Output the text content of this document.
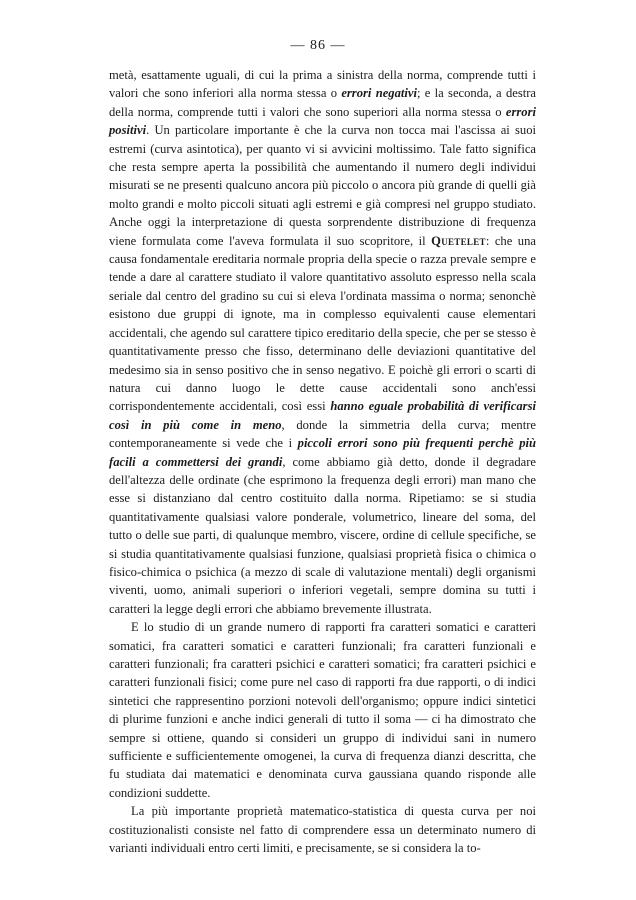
— 86 —

metà, esattamente uguali, di cui la prima a sinistra della norma, comprende tutti i valori che sono inferiori alla norma stessa o errori negativi; e la seconda, a destra della norma, comprende tutti i valori che sono superiori alla norma stessa o errori positivi. Un particolare importante è che la curva non tocca mai l'ascissa ai suoi estremi (curva asintotica), per quanto vi si avvicini moltissimo. Tale fatto significa che resta sempre aperta la possibilità che aumentando il numero degli individui misurati se ne presenti qualcuno ancora più piccolo o ancora più grande di quelli già molto grandi e molto piccoli situati agli estremi e già compresi nel gruppo studiato. Anche oggi la interpretazione di questa sorprendente distribuzione di frequenza viene formulata come l'aveva formulata il suo scopritore, il Quetelet: che una causa fondamentale ereditaria normale propria della specie o razza prevale sempre e tende a dare al carattere studiato il valore quantitativo assoluto espresso nella scala seriale dal centro del gradino su cui si eleva l'ordinata massima o norma; senonchè esistono due gruppi di ignote, ma in complesso equivalenti cause elementari accidentali, che agendo sul carattere tipico ereditario della specie, che per se stesso è quantitativamente presso che fisso, determinano delle deviazioni quantitative del medesimo sia in senso positivo che in senso negativo. E poichè gli errori o scarti di natura cui danno luogo le dette cause accidentali sono anch'essi corrispondentemente accidentali, così essi hanno eguale probabilità di verificarsi così in più come in meno, donde la simmetria della curva; mentre contemporaneamente si vede che i piccoli errori sono più frequenti perchè più facili a commettersi dei grandi, come abbiamo già detto, donde il degradare dell'altezza delle ordinate (che esprimono la frequenza degli errori) man mano che esse si distanziano dal centro costituito dalla norma. Ripetiamo: se si studia quantitativamente qualsiasi valore ponderale, volumetrico, lineare del soma, del tutto o delle sue parti, di qualunque membro, viscere, ordine di cellule specifiche, se si studia quantitativamente qualsiasi funzione, qualsiasi proprietà fisica o chimica o fisico-chimica o psichica (a mezzo di scale di valutazione mentali) degli organismi viventi, uomo, animali superiori o inferiori vegetali, sempre domina su tutti i caratteri la legge degli errori che abbiamo brevemente illustrata.

E lo studio di un grande numero di rapporti fra caratteri somatici e caratteri somatici, fra caratteri somatici e caratteri funzionali; fra caratteri funzionali e caratteri funzionali; fra caratteri psichici e caratteri somatici; fra caratteri psichici e caratteri funzionali fisici; come pure nel caso di rapporti fra due rapporti, o di indici sintetici che rappresentino porzioni notevoli dell'organismo; oppure indici sintetici di plurime funzioni e anche indici generali di tutto il soma — ci ha dimostrato che sempre si ottiene, quando si consideri un gruppo di individui sani in numero sufficiente e sufficientemente omogenei, la curva di frequenza dianzi descritta, che fu studiata dai matematici e denominata curva gaussiana quando risponde alle condizioni suddette.

La più importante proprietà matematico-statistica di questa curva per noi costituzionalisti consiste nel fatto di comprendere essa un determinato numero di varianti individuali entro certi limiti, e precisamente, se si considera la to-
